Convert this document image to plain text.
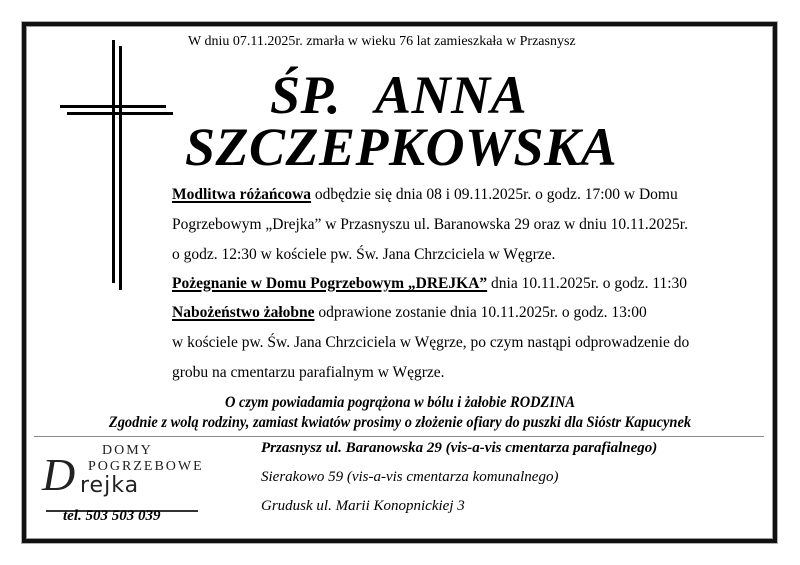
W dniu 07.11.2025r. zmarła w wieku 76 lat zamieszkała w Przasnysz
ŚP. ANNA
SZCZEPKOWSKA
Modlitwa różańcowa odbędzie się dnia 08 i 09.11.2025r. o godz. 17:00 w Domu
Pogrzebowym „Drejka” w Przasnyszu ul. Baranowska 29 oraz w dniu 10.11.2025r.
o godz. 12:30 w kościele pw. Św. Jana Chrzciciela w Węgrze.
Pożegnanie w Domu Pogrzebowym „DREJKA” dnia 10.11.2025r. o godz. 11:30
Nabożeństwo żałobne odprawione zostanie dnia 10.11.2025r. o godz. 13:00
w kościele pw. Św. Jana Chrzciciela w Węgrze, po czym nastąpi odprowadzenie do
grobu na cmentarzu parafialnym w Węgrze.
O czym powiadamia pogrążona w bólu i żałobie RODZINA
Zgodnie z wolą rodziny, zamiast kwiatów prosimy o złożenie ofiary do puszki dla Sióstr Kapucynek
DOMY
POGRZEBOWE
D rejka
tel. 503 503 039
Przasnysz ul. Baranowska 29 (vis-a-vis cmentarza parafialnego)
Sierakowo 59 (vis-a-vis cmentarza komunalnego)
Grudusk ul. Marii Konopnickiej 3
